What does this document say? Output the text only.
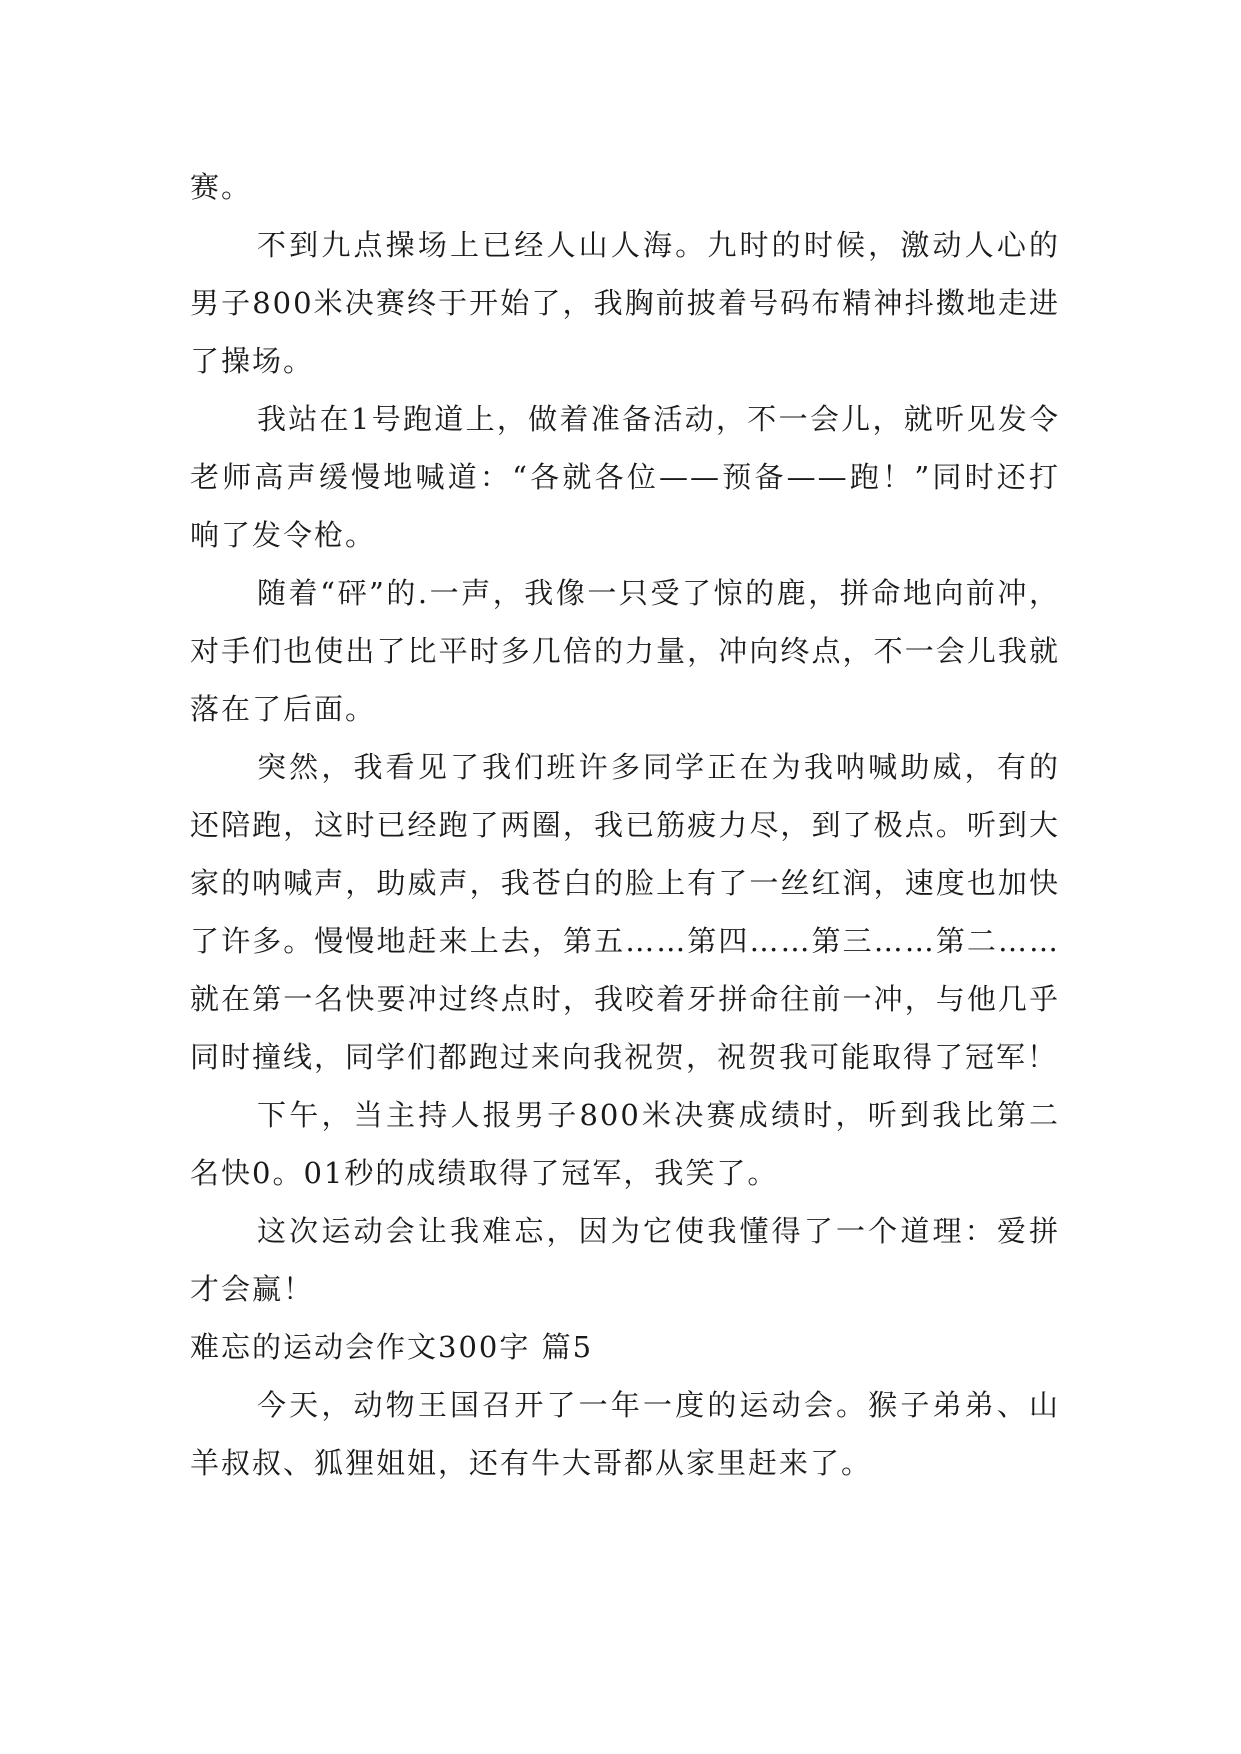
赛。

不到九点操场上已经人山人海。九时的时候，激动人心的男子800米决赛终于开始了，我胸前披着号码布精神抖擞地走进了操场。

我站在1号跑道上，做着准备活动，不一会儿，就听见发令老师高声缓慢地喊道：“各就各位——预备——跑！”同时还打响了发令枪。

随着“砰”的.一声，我像一只受了惊的鹿，拼命地向前冲，对手们也使出了比平时多几倍的力量，冲向终点，不一会儿我就落在了后面。

突然，我看见了我们班许多同学正在为我呐喊助威，有的还陪跑，这时已经跑了两圈，我已筋疲力尽，到了极点。听到大家的呐喊声，助威声，我苍白的脸上有了一丝红润，速度也加快了许多。慢慢地赶来上去，第五……第四……第三……第二……就在第一名快要冲过终点时，我咬着牙拼命往前一冲，与他几乎同时撞线，同学们都跑过来向我祝贺，祝贺我可能取得了冠军！

下午，当主持人报男子800米决赛成绩时，听到我比第二名快0。01秒的成绩取得了冠军，我笑了。

这次运动会让我难忘，因为它使我懂得了一个道理：爱拼才会赢！

难忘的运动会作文300字 篇5

今天，动物王国召开了一年一度的运动会。猴子弟弟、山羊叔叔、狐狸姐姐，还有牛大哥都从家里赶来了。
